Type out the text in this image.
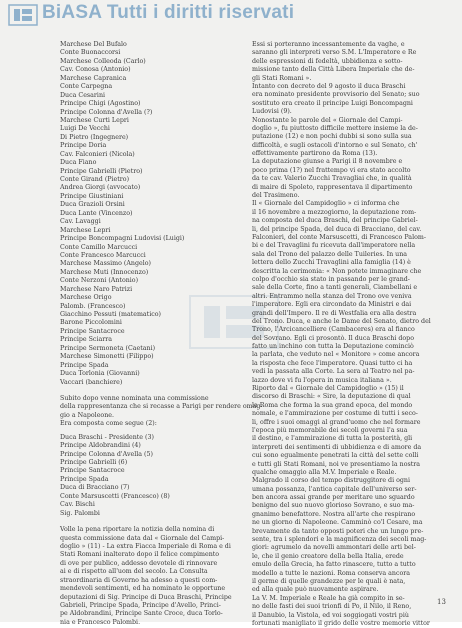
BiASA Tutti i diritti riservati
Marchese Del Bufalo
Conte Buonaccorsi
Marchese Colleoda (Carlo)
Cav. Conosa (Antonio)
Marchese Capranica
Conte Carpegna
Duca Cesarini
Principe Chigi (Agostino)
Principe Colonna d'Avella (?)
Marchese Curti Lepri
Luigi De Vecchi
Di Pietro (Ingegnere)
Principe Doria
Cav. Falconieri (Nicola)
Duca Fiano
Principe Gabrielli (Pietro)
Conte Girand (Pietro)
Andrea Giorgi (avvocato)
Principe Giustiniani
Duca Grazioli Orsini
Duca Lante (Vincenzo)
Cav. Lavaggi
Marchese Lepri
Principe Boncompagni Ludovisi (Luigi)
Conte Camillo Marcucci
Conte Francesco Marcucci
Marchese Massimo (Angelo)
Marchese Muti (Innocenzo)
Conte Nerzoni (Antonio)
Marchese Naro Patrizi
Marchese Origo
Palomb. (Francesco)
Giacchino Pessuti (matematico)
Barone Piccolomini
Principe Santacroce
Principe Sciarra
Principe Sermoneta (Caetani)
Marchese Simonetti (Filippo)
Principe Spada
Duca Torlonia (Giovanni)
Vaccari (banchiere)
Subito dopo venne nominata una commissione
della rappresentanza che si recasse a Parigi per rendere omag-
gio a Napoleone.
Era composta come segue (2):
Duca Braschi - Presidente (3)
Principe Aldobrandini (4)
Principe Colonna d'Avella (5)
Principe Gabrielli (6)
Principe Santacroce
Principe Spada
Duca di Bracciano (7)
Conte Marsuscetti (Francesco) (8)
Cav. Bischi
Sig. Palombi
Volle la pena riportare la notizia della nomina di
questa commissione data dal « Giornale del Campi-
doglio » (11) - La extra Fiacca Imperiale di Roma e di
Stati Romani inalterato dopo il felice compimento
di ove per publico, addesso devotele di rinnovare
ai e di rispetto all'uom del secolo. La Consulta
straordinaria di Governo ha adesso a questi com-
mendevoli sentimenti, ed ha nominato le opportune
deputazioni di Sig. Principe di Duca Braschi, Principe
Gabrieli, Principe Spada, Principe d'Avello, Princi-
pe Aldobrandini, Principe Sante Croce, duca Torlo-
nia e Francesco Palombi.
Essi si porteranno incessantemente da vaghe, e
saranno gli interpreti verso S.M. L'Imperatore e Re
delle espressioni di fedeltà, ubbidienza e sotto-
missione tanto della Città Libera Imperiale che de-
gli Stati Romani ».
Intanto con decreto del 9 agosto il duca Braschi
era nominato presidente provvisorio del Senato; suo
sostituto era creato il principe Luigi Boncompagni
Ludovisi (9).
Nonostante le parole del « Giornale del Campi-
doglio », fu piuttosto difficile mettere insieme la de-
putazione (12) e non pochi dubbi si sono sulla sua
difficoltà, e sugli ostacoli d'intorno e sul Senato, ch'
effettivamente partirono da Roma (13).
La deputazione giunse a Parigi il 8 novembre e
poco prima (1?) nel frattempo vi era stato accolto
da te cav. Valerio Zucchi Travagliai che, in qualità
di maire di Spoleto, rappresentava il dipartimento
del Trasimeno.
Il « Giornale del Campidoglio » ci informa che
il 16 novembre a mezzogiorno, la deputazione rom-
na composta del duca Braschi, del principe Gabriel-
li, del principe Spada, del duca di Bracciano, del cav.
Falconieri, del conte Marsuscetti, di Francesco Palom-
bi e del Travaglini fu ricevuta dall'imperatore nella
sala del Trono del palazzo delle Tuileries. In una
lettera dello Zucchi Travaglini alla famiglia (14) è
descritta la cerimonia: « Non potete immaginare che
colpo d'occhio sia stato in passando per le grand-
sale della Corte, fino a tanti generali, Ciambellani e
altri. Entrammo nella stanza del Trono ove veniva
l'imperatore. Egli era circondato da Ministri e dai
grandi dell'Impero. Il re di Westfalia era alla destra
del Trono. Duca, e anche le Dame del Senato, dietro del
Trono, l'Arcicancelliere (Cambaceres) era al fianco
del Sovrano. Egli ci prosontò. Il duca Braschi dopo
fatto un inchino con tutta la Deputazione cominciò
la parlata, che veduto nel « Monitore » come ancora
la risposta che fece l'imperatore. Quasi tutto ci ha
vedi la passata alla Corte. La sera al Teatro nel pa-
lazzo dove vi fu l'opera in musica italiana ».
Riporto dal « Giornale del Campidoglio » (15) il
discorso di Braschi: « Sire, la deputazione di qual
la Roma che forma la sua grand epoca, del mondo
nomale, e l'ammirazione per costume di tutti i seco-
li, offre i suoi omaggi al grand'uomo che nel formare
l'epoca più memorabile dei secoli governi l'a sua
il destino, e l'ammirazione di tutta la posterità, gli
interpreti dei sentimenti di ubbidienza e di amore da
cui sono egualmente penetrati la città del sette colli
e tutti gli Stati Romani, noi ve presentiamo la nostra
qualche omaggio alla M.V. Imperiale e Reale.
Malgrado il corso del tempo distruggitore di ogni
umana possanza, l'antica capitale dell'universo ser-
ben ancora assai grande per meritare uno sguardo
benigno del suo nuovo glorioso Sovrano, e suo ma-
gnanimo benefattore. Nostra all'arte che respirano
ne un giorno di Napoleone. Camminò co'l Cesare, ma
brevamente da tanto opposti poteri che un lungo pre-
sente, tra i splendori e la magnificenza dei secoli mag-
giori: agrumelo da novelli ammontari delle arti bel-
le, che il genio creatore della bella Italia, erede
emulo della Grecia, ha fatto rinascere, tutto a tutto
modello a tutte le nazioni. Roma conserva ancora
il germe di quelle grandezze per le quali è nata,
ed alla quale può nuovamente aspirare.
La V. M. Imperiale e Reale ha già compito in se-
no delle fasti dei suoi trionfi di Po, il Nilo, il Reno,
il Danubio, la Vistola, ed voi soggiogati vostri più
fortunati manigliato il grido delle vostre memorie vittor
13
